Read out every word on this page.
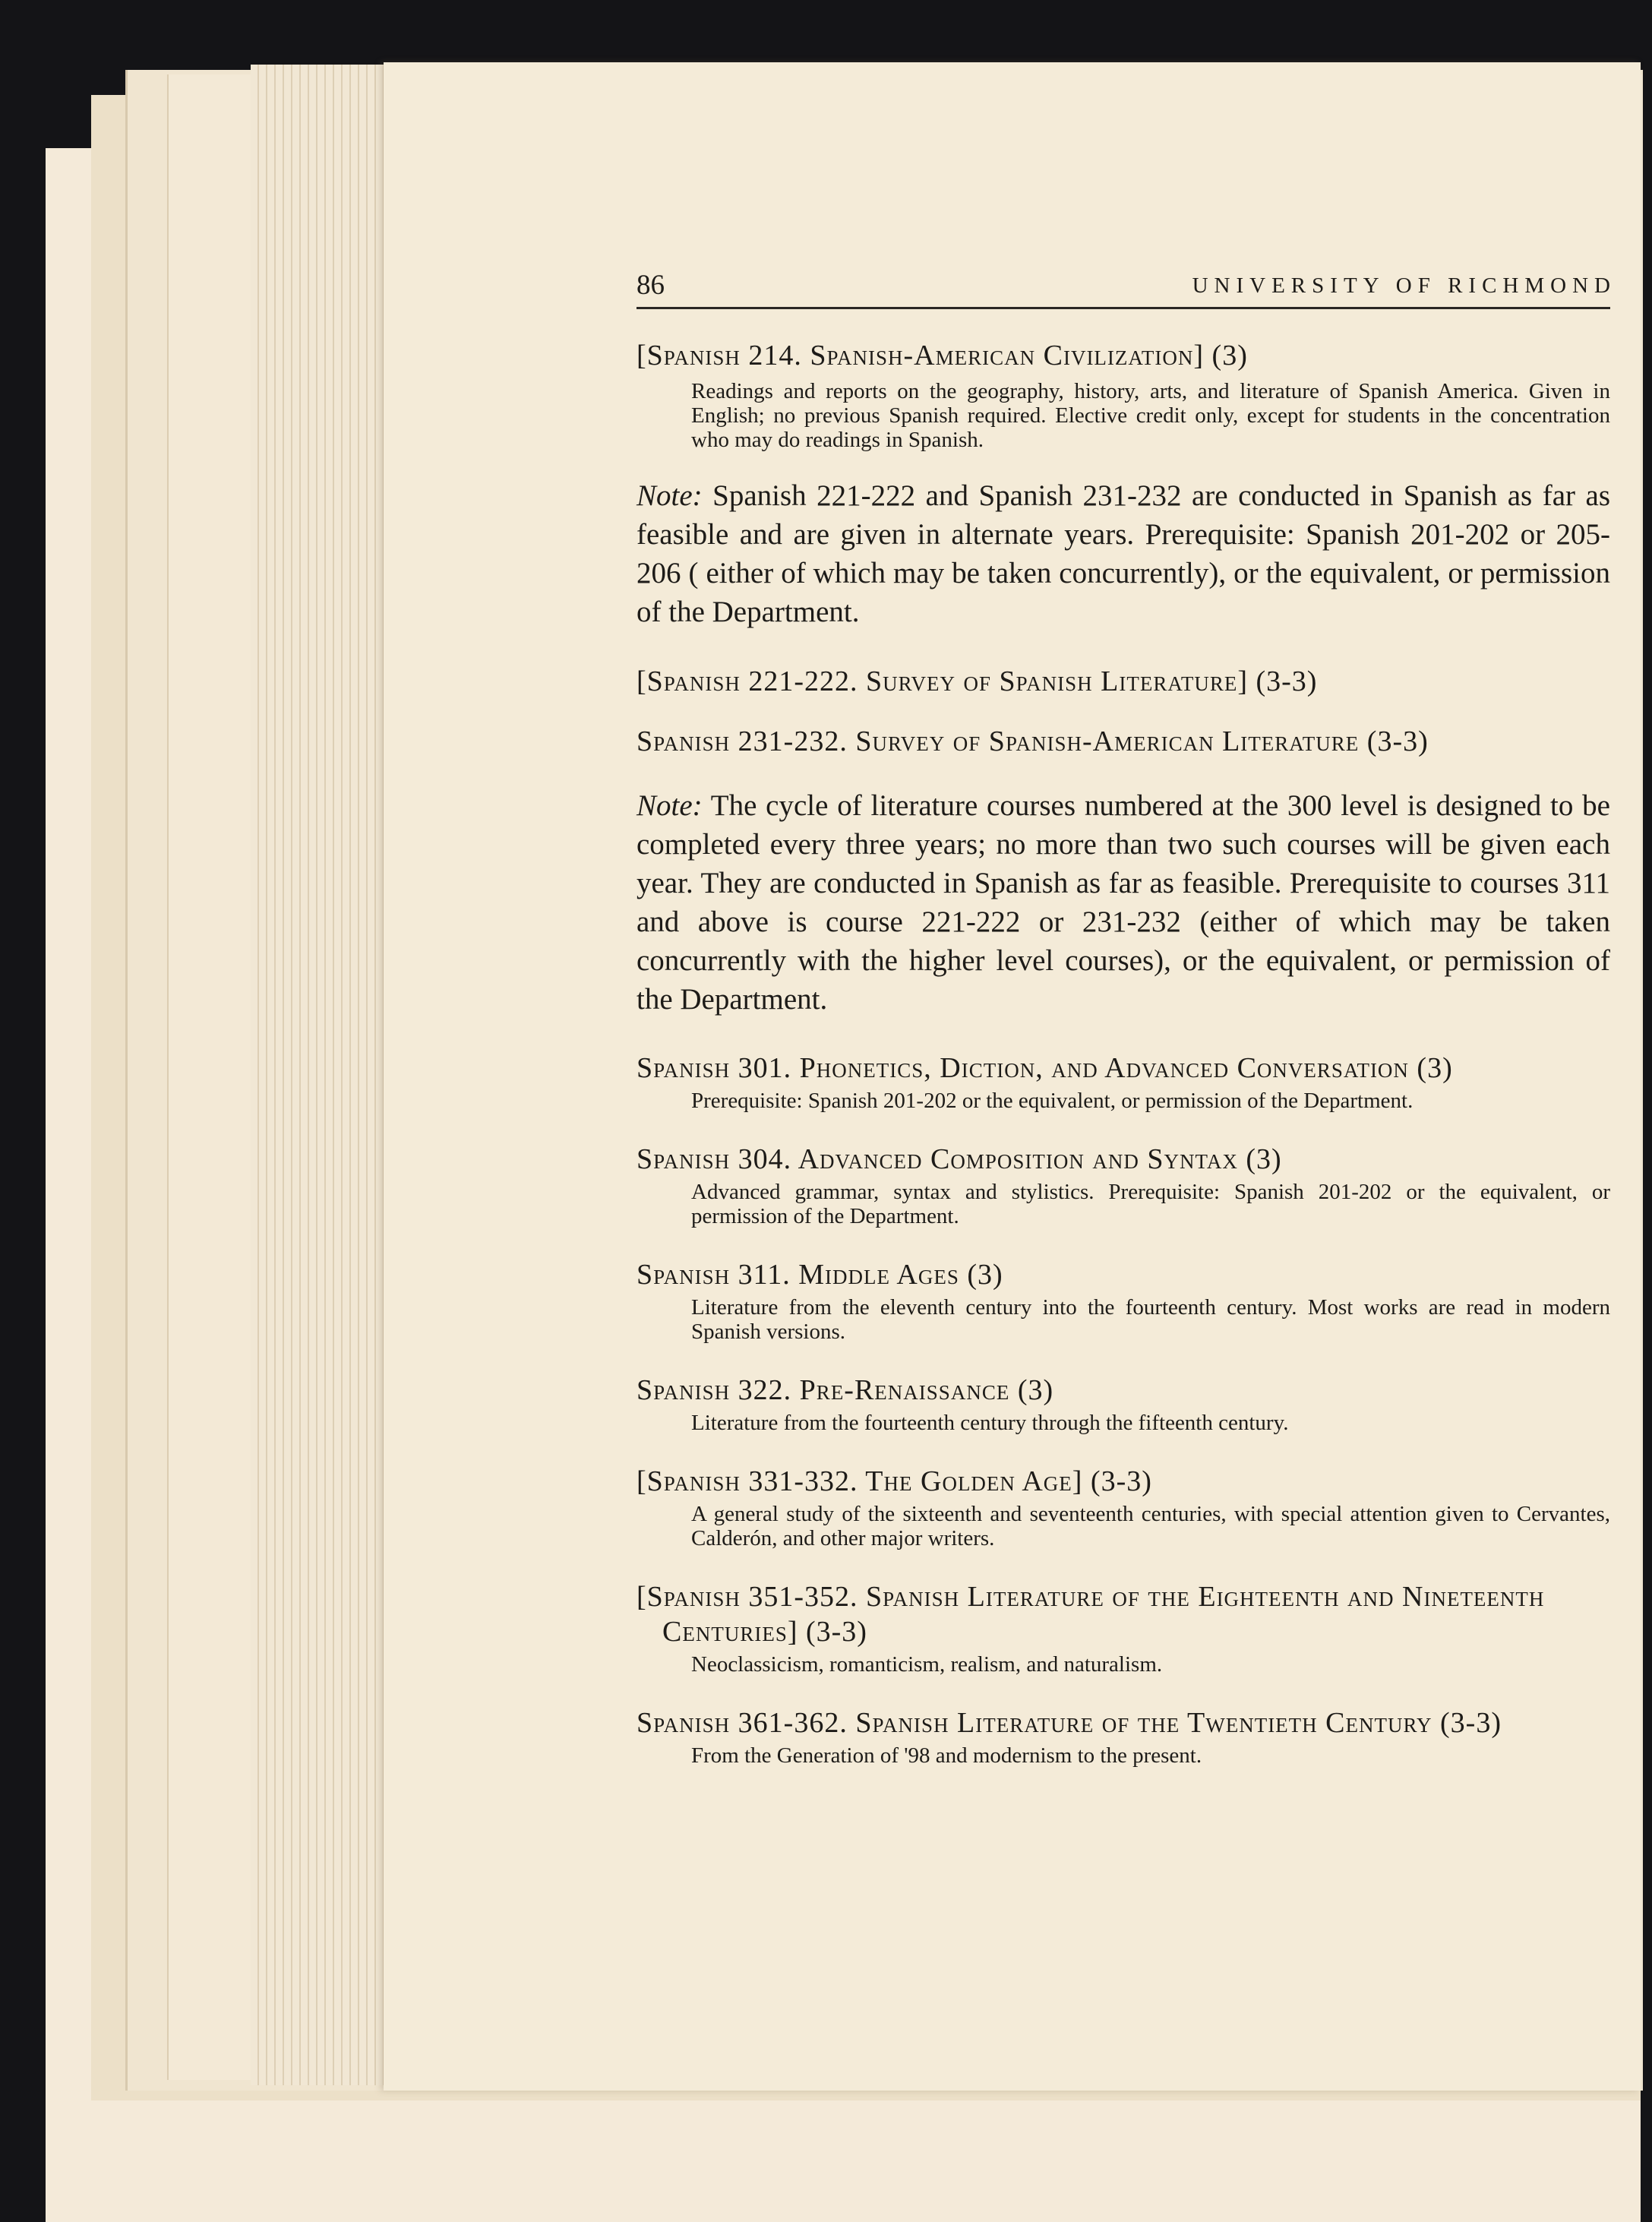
86	UNIVERSITY OF RICHMOND
[Spanish 214. Spanish-American Civilization] (3)
Readings and reports on the geography, history, arts, and literature of Spanish America. Given in English; no previous Spanish required. Elective credit only, except for students in the concentration who may do readings in Spanish.
Note: Spanish 221-222 and Spanish 231-232 are conducted in Spanish as far as feasible and are given in alternate years. Prerequisite: Spanish 201-202 or 205-206 ( either of which may be taken concurrently), or the equivalent, or permission of the Department.
[Spanish 221-222. Survey of Spanish Literature] (3-3)
Spanish 231-232. Survey of Spanish-American Literature (3-3)
Note: The cycle of literature courses numbered at the 300 level is designed to be completed every three years; no more than two such courses will be given each year. They are conducted in Spanish as far as feasible. Prerequisite to courses 311 and above is course 221-222 or 231-232 (either of which may be taken concurrently with the higher level courses), or the equivalent, or permission of the Department.
Spanish 301. Phonetics, Diction, and Advanced Conversation (3)
Prerequisite: Spanish 201-202 or the equivalent, or permission of the Department.
Spanish 304. Advanced Composition and Syntax (3)
Advanced grammar, syntax and stylistics. Prerequisite: Spanish 201-202 or the equivalent, or permission of the Department.
Spanish 311. Middle Ages (3)
Literature from the eleventh century into the fourteenth century. Most works are read in modern Spanish versions.
Spanish 322. Pre-Renaissance (3)
Literature from the fourteenth century through the fifteenth century.
[Spanish 331-332. The Golden Age] (3-3)
A general study of the sixteenth and seventeenth centuries, with special attention given to Cervantes, Calderón, and other major writers.
[Spanish 351-352. Spanish Literature of the Eighteenth and Nineteenth Centuries] (3-3)
Neoclassicism, romanticism, realism, and naturalism.
Spanish 361-362. Spanish Literature of the Twentieth Century (3-3)
From the Generation of '98 and modernism to the present.
